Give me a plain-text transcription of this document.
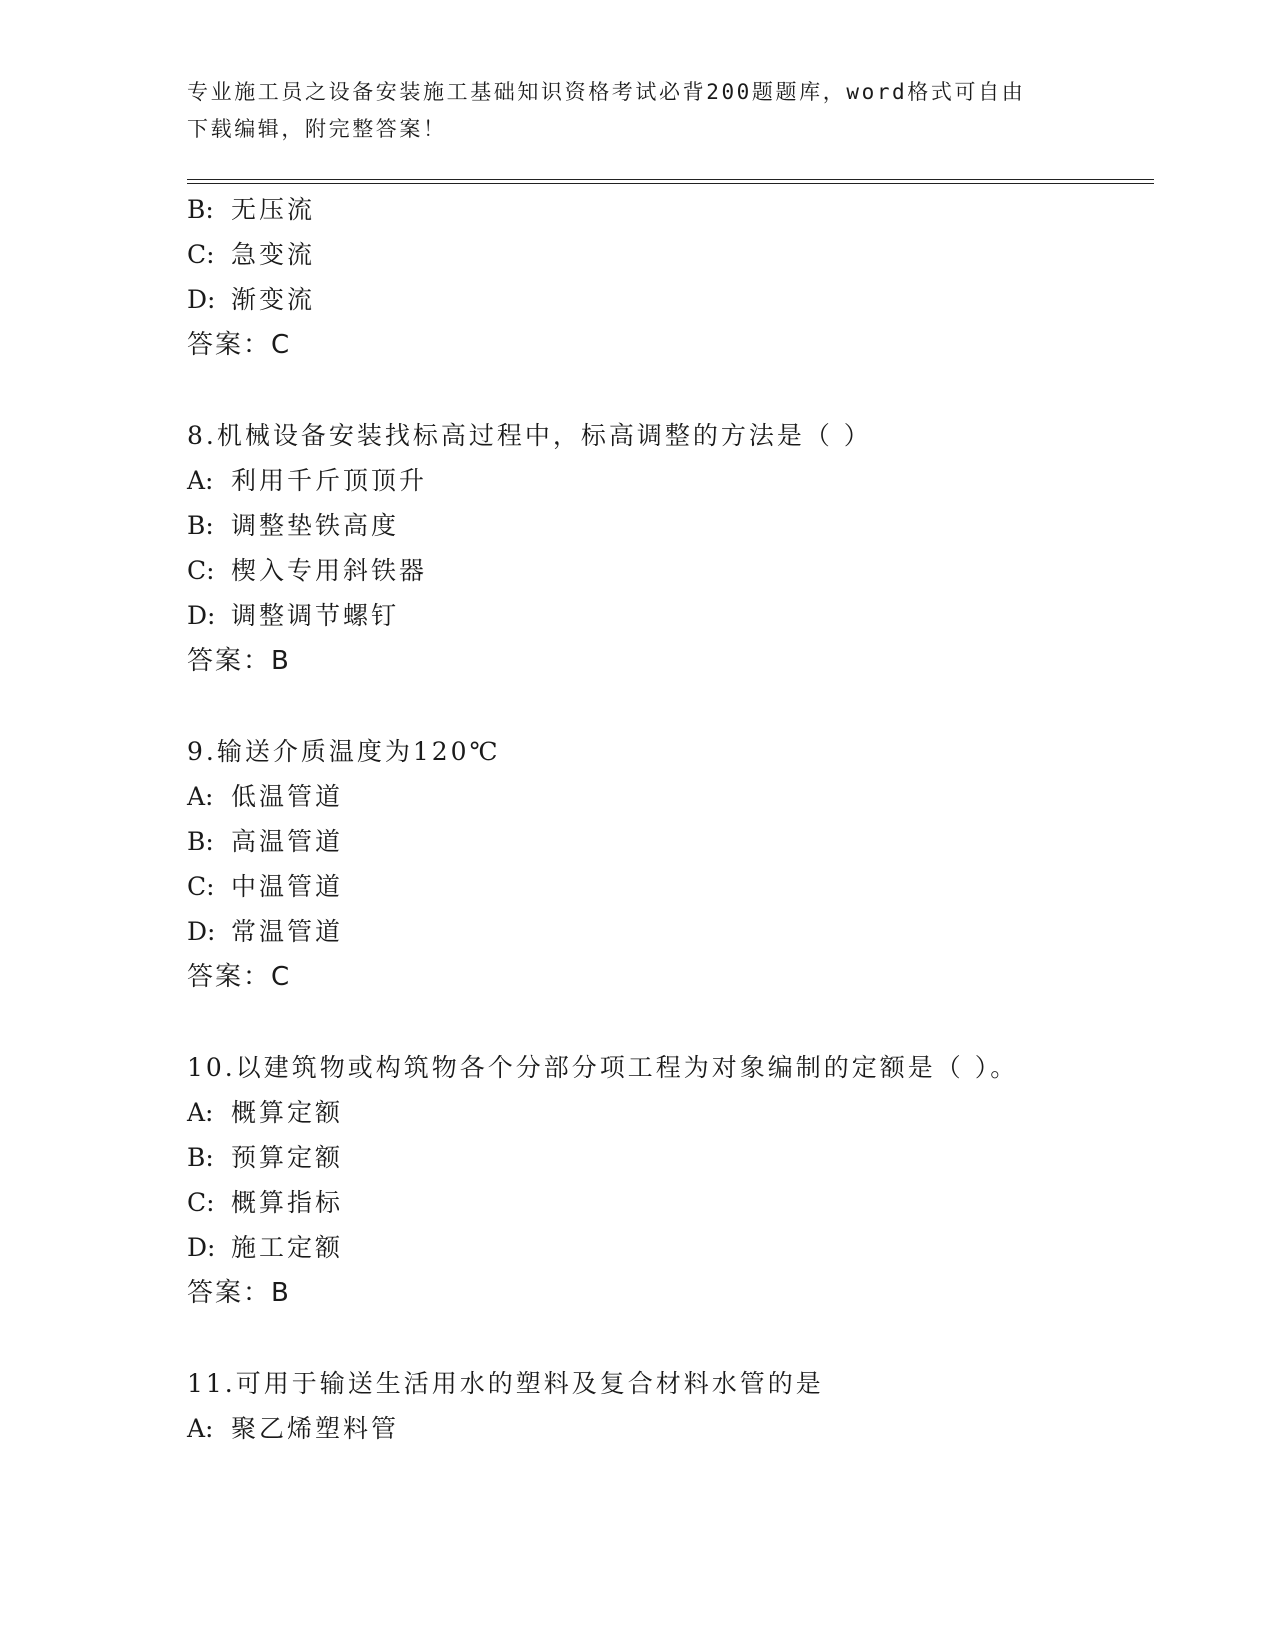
专业施工员之设备安装施工基础知识资格考试必背200题题库，word格式可自由
下载编辑，附完整答案！
B: 无压流
C: 急变流
D: 渐变流
答案：C
8.机械设备安装找标高过程中，标高调整的方法是（ ）
A: 利用千斤顶顶升
B: 调整垫铁高度
C: 楔入专用斜铁器
D: 调整调节螺钉
答案：B
9.输送介质温度为120℃
A: 低温管道
B: 高温管道
C: 中温管道
D: 常温管道
答案：C
10.以建筑物或构筑物各个分部分项工程为对象编制的定额是（ ）。
A: 概算定额
B: 预算定额
C: 概算指标
D: 施工定额
答案：B
11.可用于输送生活用水的塑料及复合材料水管的是
A: 聚乙烯塑料管
